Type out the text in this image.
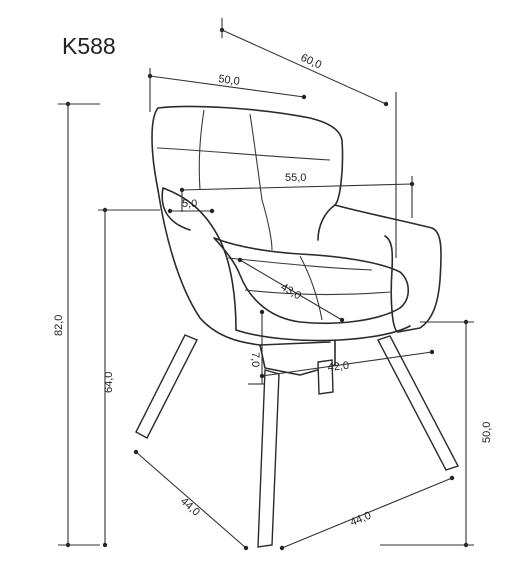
K588
60,0
50,0
55,0
5,0
43,0
7,0	42,0
82,0
64,0
50,0
44,0
44,0
